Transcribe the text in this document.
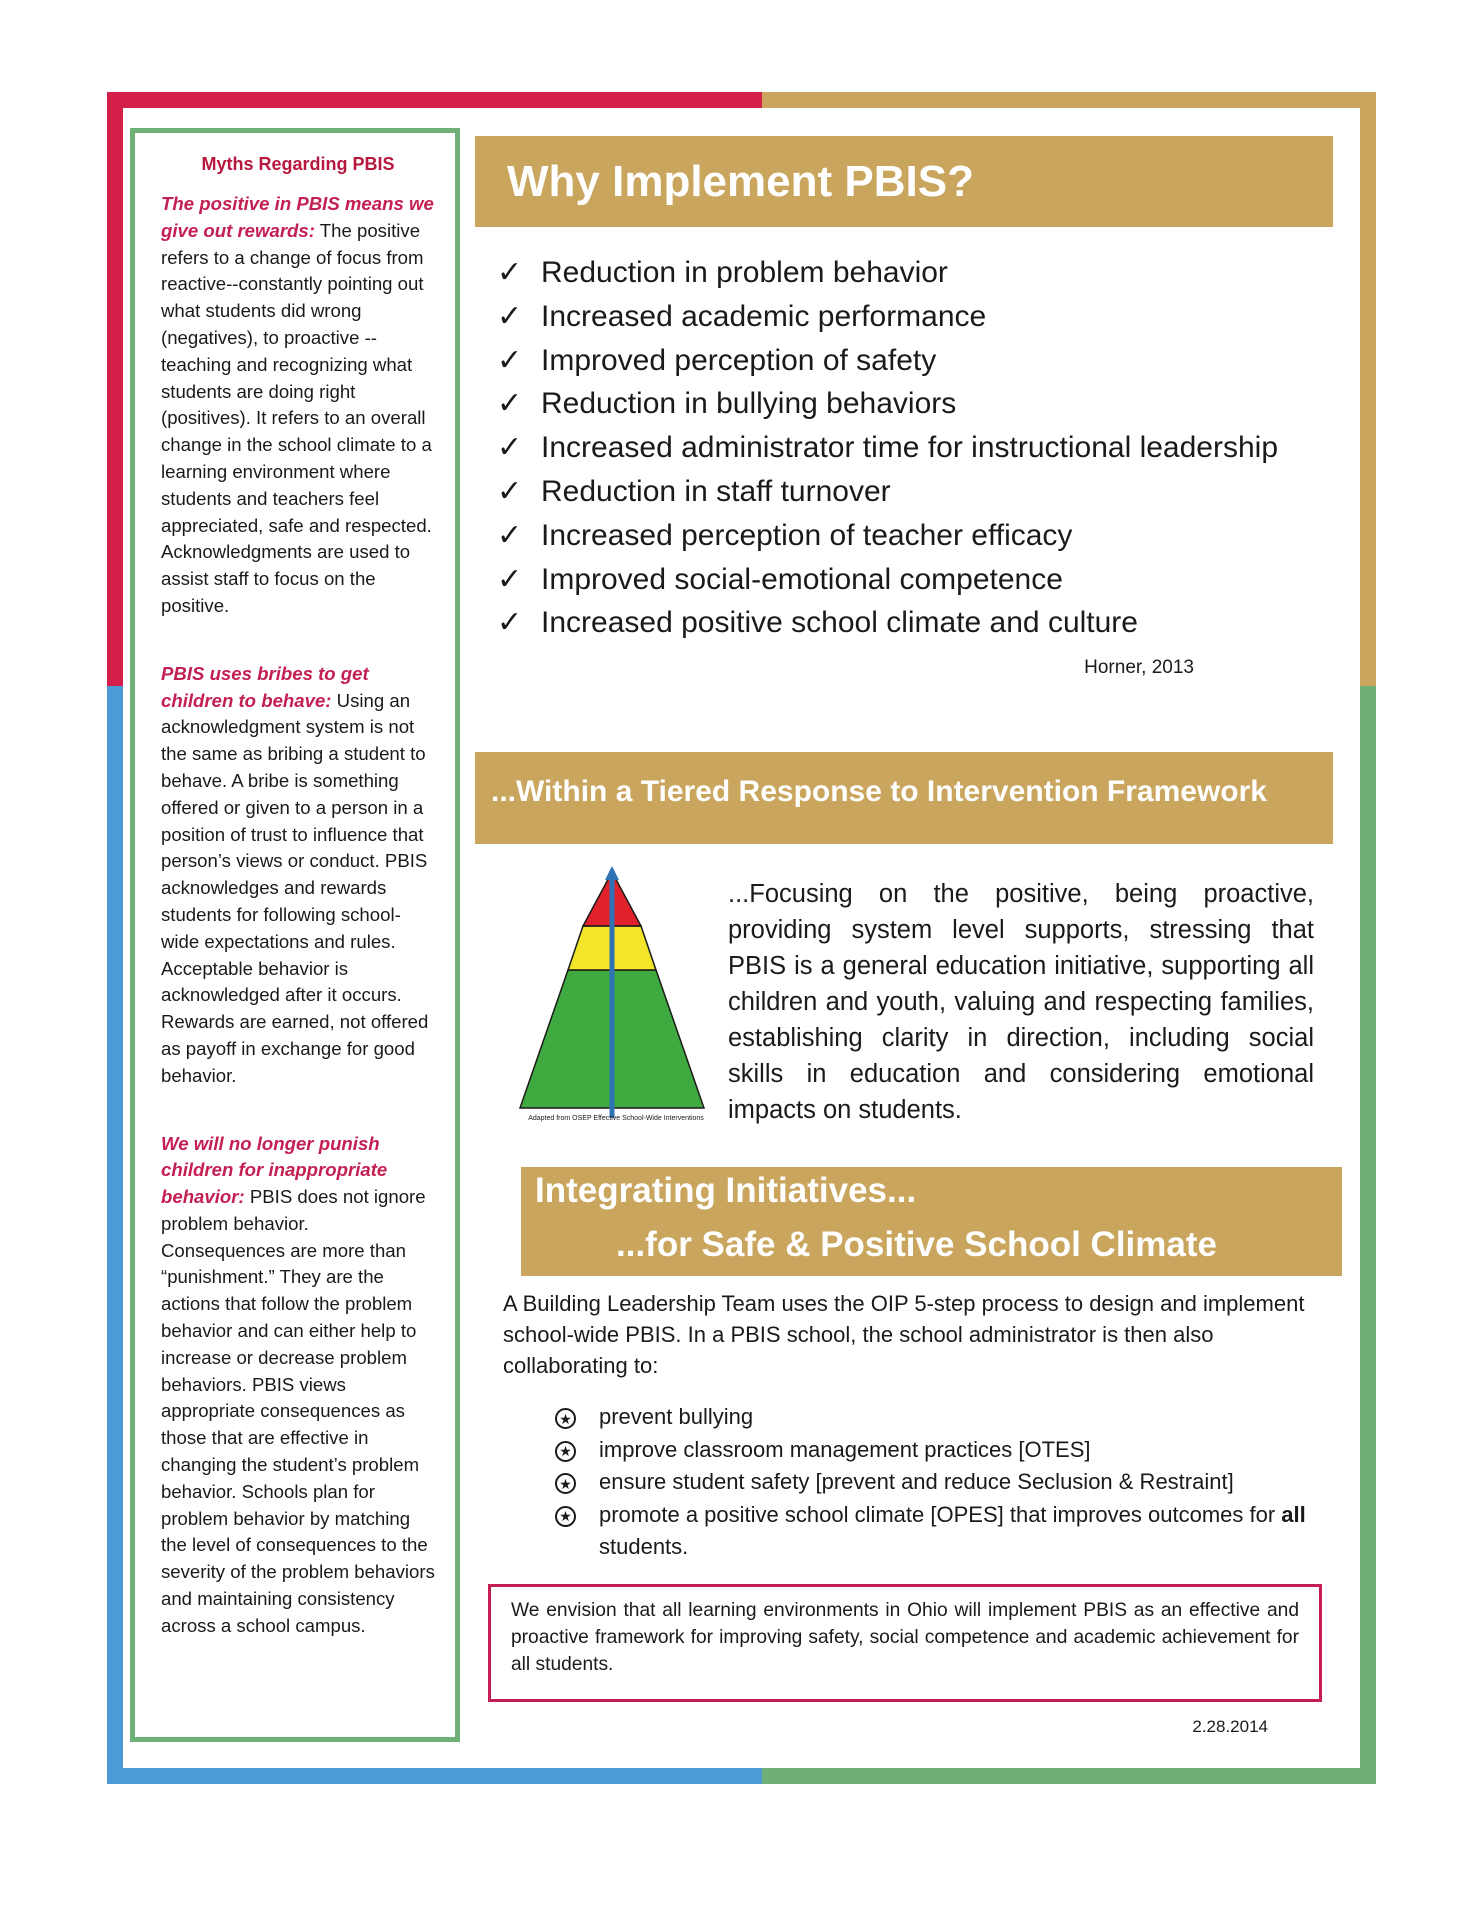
Myths Regarding PBIS

The positive in PBIS means we give out rewards: The positive refers to a change of focus from reactive--constantly pointing out what students did wrong (negatives), to proactive --teaching and recognizing what students are doing right (positives). It refers to an overall change in the school climate to a learning environment where students and teachers feel appreciated, safe and respected. Acknowledgments are used to assist staff to focus on the positive.

PBIS uses bribes to get children to behave: Using an acknowledgment system is not the same as bribing a student to behave. A bribe is something offered or given to a person in a position of trust to influence that person’s views or conduct. PBIS acknowledges and rewards students for following school-wide expectations and rules. Acceptable behavior is acknowledged after it occurs. Rewards are earned, not offered as payoff in exchange for good behavior.

We will no longer punish children for inappropriate behavior: PBIS does not ignore problem behavior. Consequences are more than “punishment.” They are the actions that follow the problem behavior and can either help to increase or decrease problem behaviors. PBIS views appropriate consequences as those that are effective in changing the student’s problem behavior. Schools plan for problem behavior by matching the level of consequences to the severity of the problem behaviors and maintaining consistency across a school campus.

Why Implement PBIS?
✓ Reduction in problem behavior
✓ Increased academic performance
✓ Improved perception of safety
✓ Reduction in bullying behaviors
✓ Increased administrator time for instructional leadership
✓ Reduction in staff turnover
✓ Increased perception of teacher efficacy
✓ Improved social-emotional competence
✓ Increased positive school climate and culture
Horner, 2013
...Within a Tiered Response to Intervention Framework
Adapted from OSEP Effective School-Wide Interventions

...Focusing on the positive, being proactive, providing system level supports, stressing that PBIS is a general education initiative, supporting all children and youth, valuing and respecting families, establishing clarity in direction, including social skills in education and considering emotional impacts on students.

Integrating Initiatives...
...for Safe & Positive School Climate

A Building Leadership Team uses the OIP 5-step process to design and implement school-wide PBIS. In a PBIS school, the school administrator is then also collaborating to:

★ prevent bullying
★ improve classroom management practices [OTES]
★ ensure student safety [prevent and reduce Seclusion & Restraint]
★ promote a positive school climate [OPES] that improves outcomes for all students.
We envision that all learning environments in Ohio will implement PBIS as an effective and proactive framework for improving safety, social competence and academic achievement for all students.
2.28.2014
